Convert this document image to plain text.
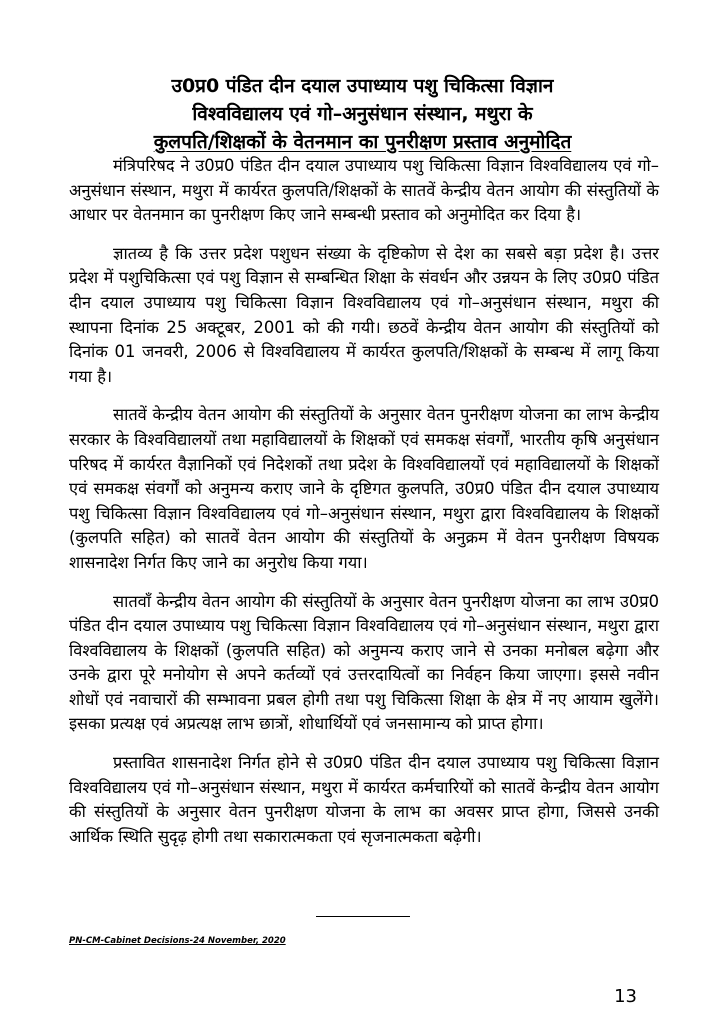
उ0प्र0 पंडित दीन दयाल उपाध्याय पशु चिकित्सा विज्ञान
विश्वविद्यालय एवं गो–अनुसंधान संस्थान, मथुरा के
कुलपति/शिक्षकों के वेतनमान का पुनरीक्षण प्रस्ताव अनुमोदित

मंत्रिपरिषद ने उ0प्र0 पंडित दीन दयाल उपाध्याय पशु चिकित्सा विज्ञान विश्वविद्यालय एवं गो–अनुसंधान संस्थान, मथुरा में कार्यरत कुलपति/शिक्षकों के सातवें केन्द्रीय वेतन आयोग की संस्तुतियों के आधार पर वेतनमान का पुनरीक्षण किए जाने सम्बन्धी प्रस्ताव को अनुमोदित कर दिया है।

ज्ञातव्य है कि उत्तर प्रदेश पशुधन संख्या के दृष्टिकोण से देश का सबसे बड़ा प्रदेश है। उत्तर प्रदेश में पशुचिकित्सा एवं पशु विज्ञान से सम्बन्धित शिक्षा के संवर्धन और उन्नयन के लिए उ0प्र0 पंडित दीन दयाल उपाध्याय पशु चिकित्सा विज्ञान विश्वविद्यालय एवं गो–अनुसंधान संस्थान, मथुरा की स्थापना दिनांक 25 अक्टूबर, 2001 को की गयी। छठवें केन्द्रीय वेतन आयोग की संस्तुतियों को दिनांक 01 जनवरी, 2006 से विश्वविद्यालय में कार्यरत कुलपति/शिक्षकों के सम्बन्ध में लागू किया गया है।

सातवें केन्द्रीय वेतन आयोग की संस्तुतियों के अनुसार वेतन पुनरीक्षण योजना का लाभ केन्द्रीय सरकार के विश्वविद्यालयों तथा महाविद्यालयों के शिक्षकों एवं समकक्ष संवर्गों, भारतीय कृषि अनुसंधान परिषद में कार्यरत वैज्ञानिकों एवं निदेशकों तथा प्रदेश के विश्वविद्यालयों एवं महाविद्यालयों के शिक्षकों एवं समकक्ष संवर्गों को अनुमन्य कराए जाने के दृष्टिगत कुलपति, उ0प्र0 पंडित दीन दयाल उपाध्याय पशु चिकित्सा विज्ञान विश्वविद्यालय एवं गो–अनुसंधान संस्थान, मथुरा द्वारा विश्वविद्यालय के शिक्षकों (कुलपति सहित) को सातवें वेतन आयोग की संस्तुतियों के अनुक्रम में वेतन पुनरीक्षण विषयक शासनादेश निर्गत किए जाने का अनुरोध किया गया।

सातवाँ केन्द्रीय वेतन आयोग की संस्तुतियों के अनुसार वेतन पुनरीक्षण योजना का लाभ उ0प्र0 पंडित दीन दयाल उपाध्याय पशु चिकित्सा विज्ञान विश्वविद्यालय एवं गो–अनुसंधान संस्थान, मथुरा द्वारा विश्वविद्यालय के शिक्षकों (कुलपति सहित) को अनुमन्य कराए जाने से उनका मनोबल बढ़ेगा और उनके द्वारा पूरे मनोयोग से अपने कर्तव्यों एवं उत्तरदायित्वों का निर्वहन किया जाएगा। इससे नवीन शोधों एवं नवाचारों की सम्भावना प्रबल होगी तथा पशु चिकित्सा शिक्षा के क्षेत्र में नए आयाम खुलेंगे। इसका प्रत्यक्ष एवं अप्रत्यक्ष लाभ छात्रों, शोधार्थियों एवं जनसामान्य को प्राप्त होगा।

प्रस्तावित शासनादेश निर्गत होने से उ0प्र0 पंडित दीन दयाल उपाध्याय पशु चिकित्सा विज्ञान विश्वविद्यालय एवं गो–अनुसंधान संस्थान, मथुरा में कार्यरत कर्मचारियों को सातवें केन्द्रीय वेतन आयोग की संस्तुतियों के अनुसार वेतन पुनरीक्षण योजना के लाभ का अवसर प्राप्त होगा, जिससे उनकी आर्थिक स्थिति सुदृढ़ होगी तथा सकारात्मकता एवं सृजनात्मकता बढ़ेगी।

PN-CM-Cabinet Decisions-24 November, 2020
13
